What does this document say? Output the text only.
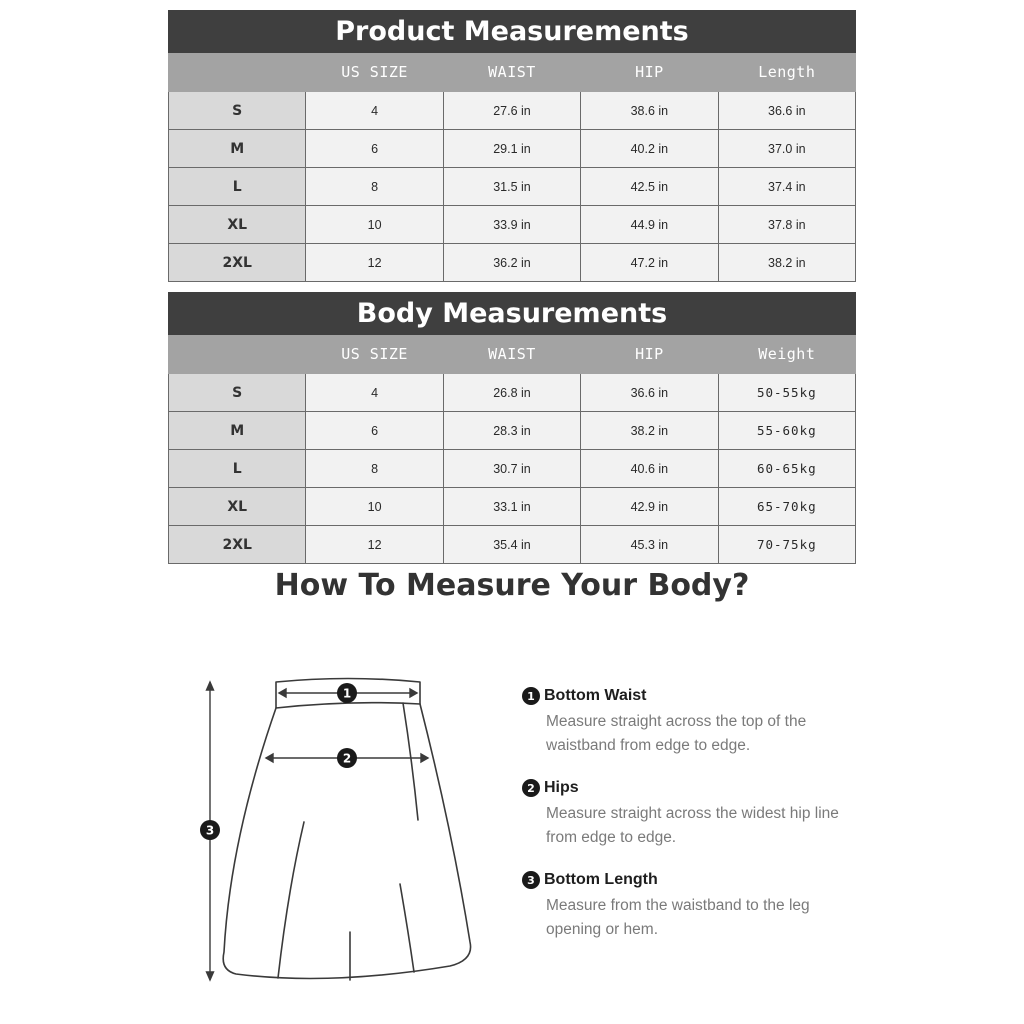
Product Measurements				
	US SIZE	WAIST	HIP	Length
S	4	27.6 in	38.6 in	36.6 in
M	6	29.1 in	40.2 in	37.0 in
L	8	31.5 in	42.5 in	37.4 in
XL	10	33.9 in	44.9 in	37.8 in
2XL	12	36.2 in	47.2 in	38.2 in
Body Measurements				
	US SIZE	WAIST	HIP	Weight
S	4	26.8 in	36.6 in	50-55kg
M	6	28.3 in	38.2 in	55-60kg
L	8	30.7 in	40.6 in	60-65kg
XL	10	33.1 in	42.9 in	65-70kg
2XL	12	35.4 in	45.3 in	70-75kg
How To Measure Your Body?
1
2
3
1 Bottom Waist

Measure straight across the top of the waistband from edge to edge.

2 Hips

Measure straight across the widest hip line from edge to edge.

3 Bottom Length

Measure from the waistband to the leg opening or hem.
